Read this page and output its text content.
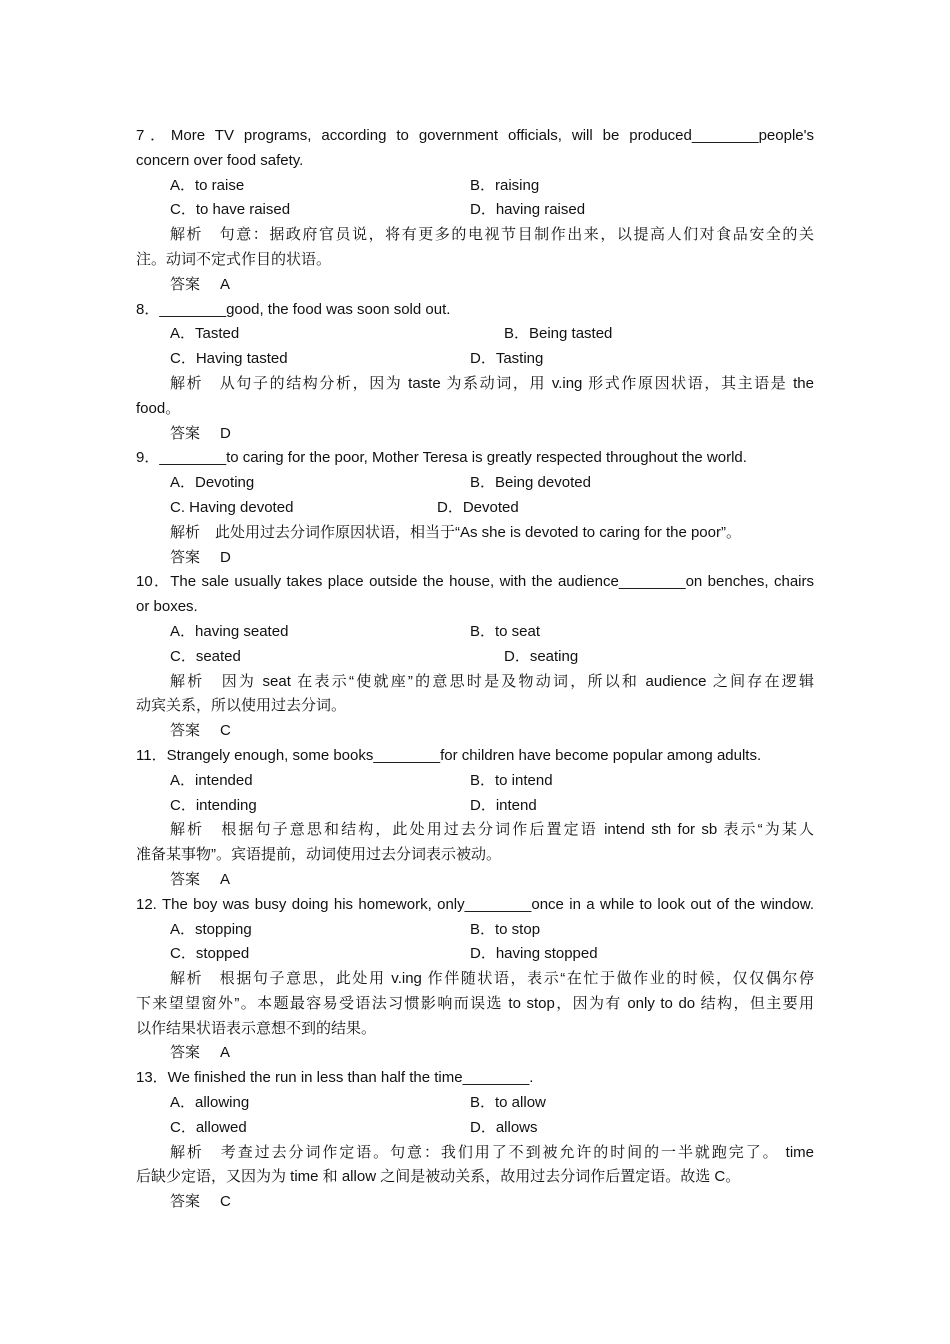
7．More TV programs, according to government officials, will be produced________people's
concern over food safety.
A．to raise	B．raising
C．to have raised	D．having raised
解析　句意：据政府官员说，将有更多的电视节目制作出来，以提高人们对食品安全的关
注。动词不定式作目的状语。
答案 A
8．________good, the food was soon sold out.
A．Tasted	B．Being tasted
C．Having tasted	D．Tasting
解析　从句子的结构分析，因为 taste 为系动词，用 v.ing 形式作原因状语，其主语是 the
food。
答案 D
9．________to caring for the poor, Mother Teresa is greatly respected throughout the world.
A．Devoting	B．Being devoted
C. Having devoted	D．Devoted
解析　此处用过去分词作原因状语，相当于“As she is devoted to caring for the poor”。
答案 D
10．The sale usually takes place outside the house, with the audience________on benches, chairs
or boxes.
A．having seated	B．to seat
C．seated	D．seating
解析　因为 seat 在表示“使就座”的意思时是及物动词，所以和 audience 之间存在逻辑
动宾关系，所以使用过去分词。
答案 C
11．Strangely enough, some books________for children have become popular among adults.
A．intended	B．to intend
C．intending	D．intend
解析　根据句子意思和结构，此处用过去分词作后置定语 intend sth for sb 表示“为某人
准备某事物”。宾语提前，动词使用过去分词表示被动。
答案 A
12. The boy was busy doing his homework, only________once in a while to look out of the window.
A．stopping	B．to stop
C．stopped	D．having stopped
解析　根据句子意思，此处用 v.ing 作伴随状语，表示“在忙于做作业的时候，仅仅偶尔停
下来望望窗外”。本题最容易受语法习惯影响而误选 to stop，因为有 only to do 结构，但主要用
以作结果状语表示意想不到的结果。
答案 A
13．We finished the run in less than half the time________.
A．allowing	B．to allow
C．allowed	D．allows
解析　考查过去分词作定语。句意：我们用了不到被允许的时间的一半就跑完了。 time
后缺少定语，又因为为 time 和 allow 之间是被动关系，故用过去分词作后置定语。故选 C。
答案 C
